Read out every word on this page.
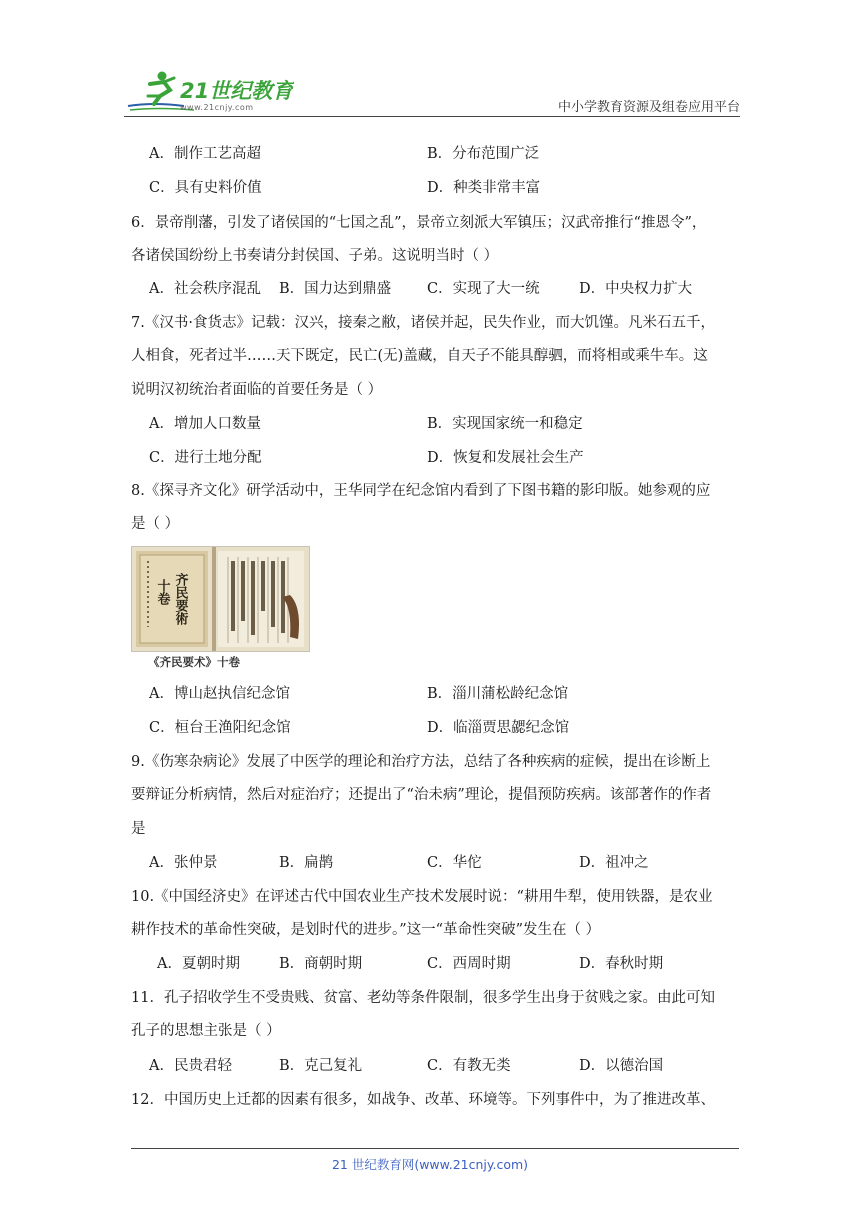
21世纪教育
www.21cnjy.com	中小学教育资源及组卷应用平台
A．制作工艺高超	B．分布范围广泛
C．具有史料价值	D．种类非常丰富
6．景帝削藩，引发了诸侯国的“七国之乱”，景帝立刻派大军镇压；汉武帝推行“推恩令”，
各诸侯国纷纷上书奏请分封侯国、子弟。这说明当时（ ）
A．社会秩序混乱 B．国力达到鼎盛 C．实现了大一统	D．中央权力扩大
7.《汉书·食货志》记载：汉兴，接秦之敝，诸侯并起，民失作业，而大饥馑。凡米石五千，
人相食，死者过半……天下既定，民亡(无)盖藏，自天子不能具醇驷，而将相或乘牛车。这
说明汉初统治者面临的首要任务是（ ）
A．增加人口数量	B．实现国家统一和稳定
C．进行土地分配	D．恢复和发展社会生产
8.《探寻齐文化》研学活动中，王华同学在纪念馆内看到了下图书籍的影印版。她参观的应
是（ ）
A．博山赵执信纪念馆	B．淄川蒲松龄纪念馆
C．桓台王渔阳纪念馆	D．临淄贾思勰纪念馆
9.《伤寒杂病论》发展了中医学的理论和治疗方法，总结了各种疾病的症候，提出在诊断上
要辩证分析病情，然后对症治疗；还提出了“治未病”理论，提倡预防疾病。该部著作的作者
是
A．张仲景	B．扁鹊	C．华佗	D．祖冲之
10.《中国经济史》在评述古代中国农业生产技术发展时说：“耕用牛犁，使用铁器，是农业
耕作技术的革命性突破，是划时代的进步。”这一“革命性突破”发生在（ ）
A．夏朝时期	B．商朝时期	C．西周时期	D．春秋时期
11．孔子招收学生不受贵贱、贫富、老幼等条件限制，很多学生出身于贫贱之家。由此可知
孔子的思想主张是（ ）
A．民贵君轻	B．克己复礼	C．有教无类	D．以德治国
12．中国历史上迁都的因素有很多，如战争、改革、环境等。下列事件中，为了推进改革、
齐民要術
十卷
《齐民要术》十卷
21 世纪教育网(www.21cnjy.com)
